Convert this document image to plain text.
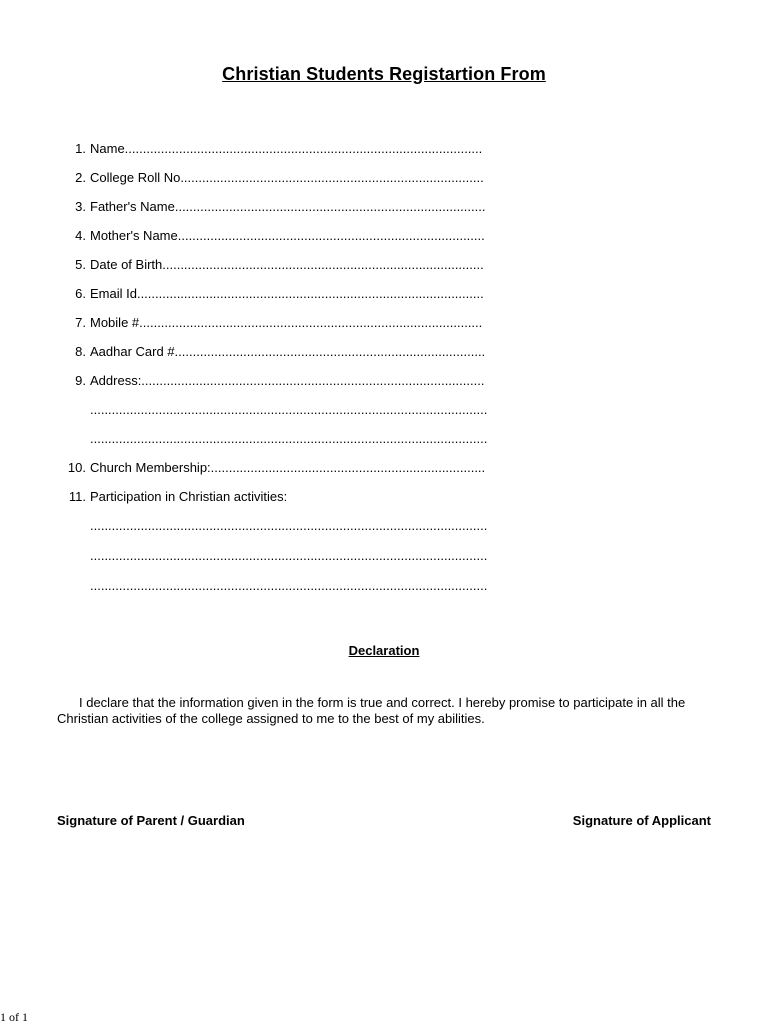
Christian Students Registartion From
1. Name...................................................................................................
2. College Roll No....................................................................................
3. Father's Name......................................................................................
4. Mother's Name.....................................................................................
5. Date of Birth.........................................................................................
6. Email Id................................................................................................
7. Mobile #...............................................................................................
8. Aadhar Card #......................................................................................
9. Address:...............................................................................................
..............................................................................................................
..............................................................................................................
10. Church Membership:............................................................................
11. Participation in Christian activities:
..............................................................................................................
..............................................................................................................
..............................................................................................................
Declaration
I declare that the information given in the form is true and correct. I hereby promise to participate in all the Christian activities of the college assigned to me to the best of my abilities.
Signature of Parent / Guardian	Signature of Applicant
1 of 1
